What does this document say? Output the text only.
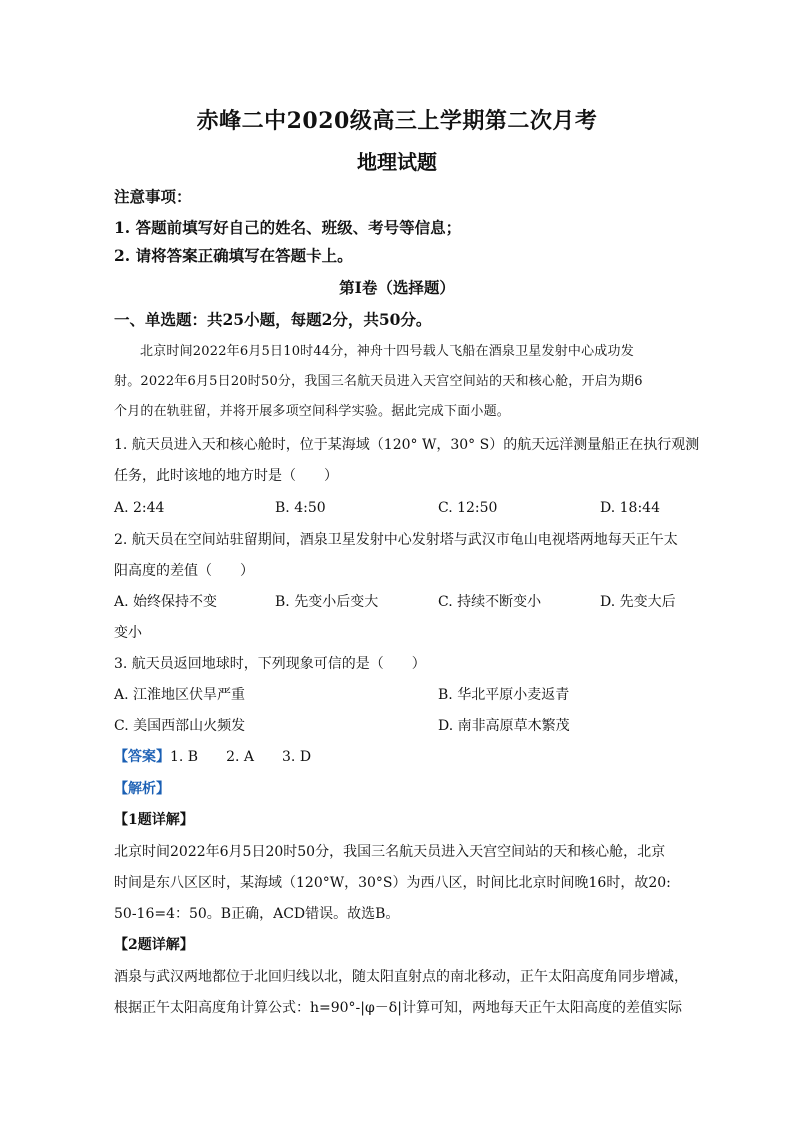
赤峰二中2020级高三上学期第二次月考
地理试题
注意事项：
1. 答题前填写好自己的姓名、班级、考号等信息；
2. 请将答案正确填写在答题卡上。
第I卷（选择题）
一、单选题：共25小题，每题2分，共50分。
北京时间2022年6月5日10时44分，神舟十四号载人飞船在酒泉卫星发射中心成功发
射。2022年6月5日20时50分，我国三名航天员进入天宫空间站的天和核心舱，开启为期6
个月的在轨驻留，并将开展多项空间科学实验。据此完成下面小题。
1. 航天员进入天和核心舱时，位于某海域（120° W，30° S）的航天远洋测量船正在执行观测
任务，此时该地的地方时是（　　）
A. 2:44	B. 4:50	C. 12:50	D. 18:44
2. 航天员在空间站驻留期间，酒泉卫星发射中心发射塔与武汉市龟山电视塔两地每天正午太
阳高度的差值（　　）
A. 始终保持不变	B. 先变小后变大	C. 持续不断变小	D. 先变大后
变小
3. 航天员返回地球时，下列现象可信的是（　　）
A. 江淮地区伏旱严重	B. 华北平原小麦返青
C. 美国西部山火频发	D. 南非高原草木繁茂
【答案】1. B　　2. A　　3. D
【解析】
【1题详解】
北京时间2022年6月5日20时50分，我国三名航天员进入天宫空间站的天和核心舱，北京
时间是东八区区时，某海域（120°W，30°S）为西八区，时间比北京时间晚16时，故20:
50-16=4：50。B正确，ACD错误。故选B。
【2题详解】
酒泉与武汉两地都位于北回归线以北，随太阳直射点的南北移动，正午太阳高度角同步增减，
根据正午太阳高度角计算公式：h=90°-|φ－δ|计算可知，两地每天正午太阳高度的差值实际
